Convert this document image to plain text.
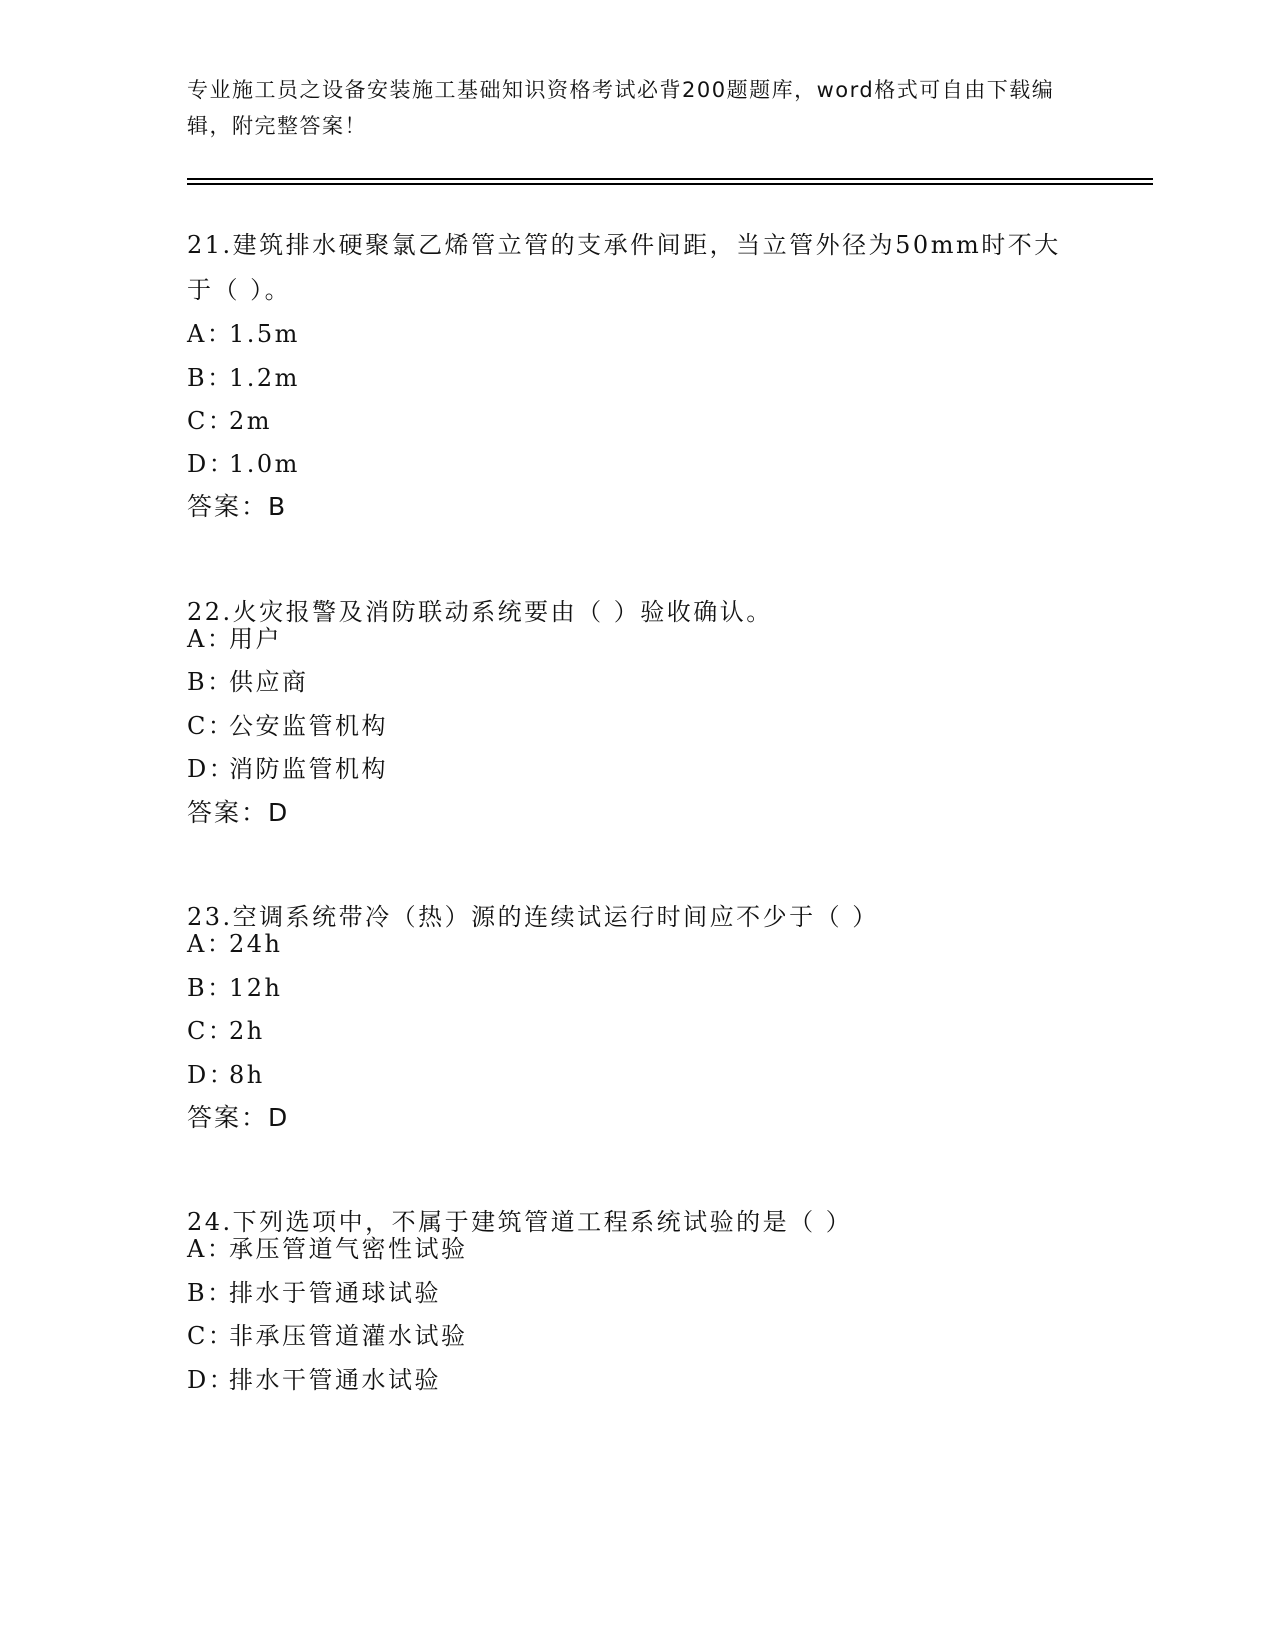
专业施工员之设备安装施工基础知识资格考试必背200题题库，word格式可自由下载编辑，附完整答案！
21.建筑排水硬聚氯乙烯管立管的支承件间距，当立管外径为50mm时不大于（ ）。
A：1.5m
B：1.2m
C：2m
D：1.0m
答案：B
22.火灾报警及消防联动系统要由（ ）验收确认。
A：用户
B：供应商
C：公安监管机构
D：消防监管机构
答案：D
23.空调系统带冷（热）源的连续试运行时间应不少于（ ）
A：24h
B：12h
C：2h
D：8h
答案：D
24.下列选项中，不属于建筑管道工程系统试验的是（ ）
A：承压管道气密性试验
B：排水于管通球试验
C：非承压管道灌水试验
D：排水干管通水试验
